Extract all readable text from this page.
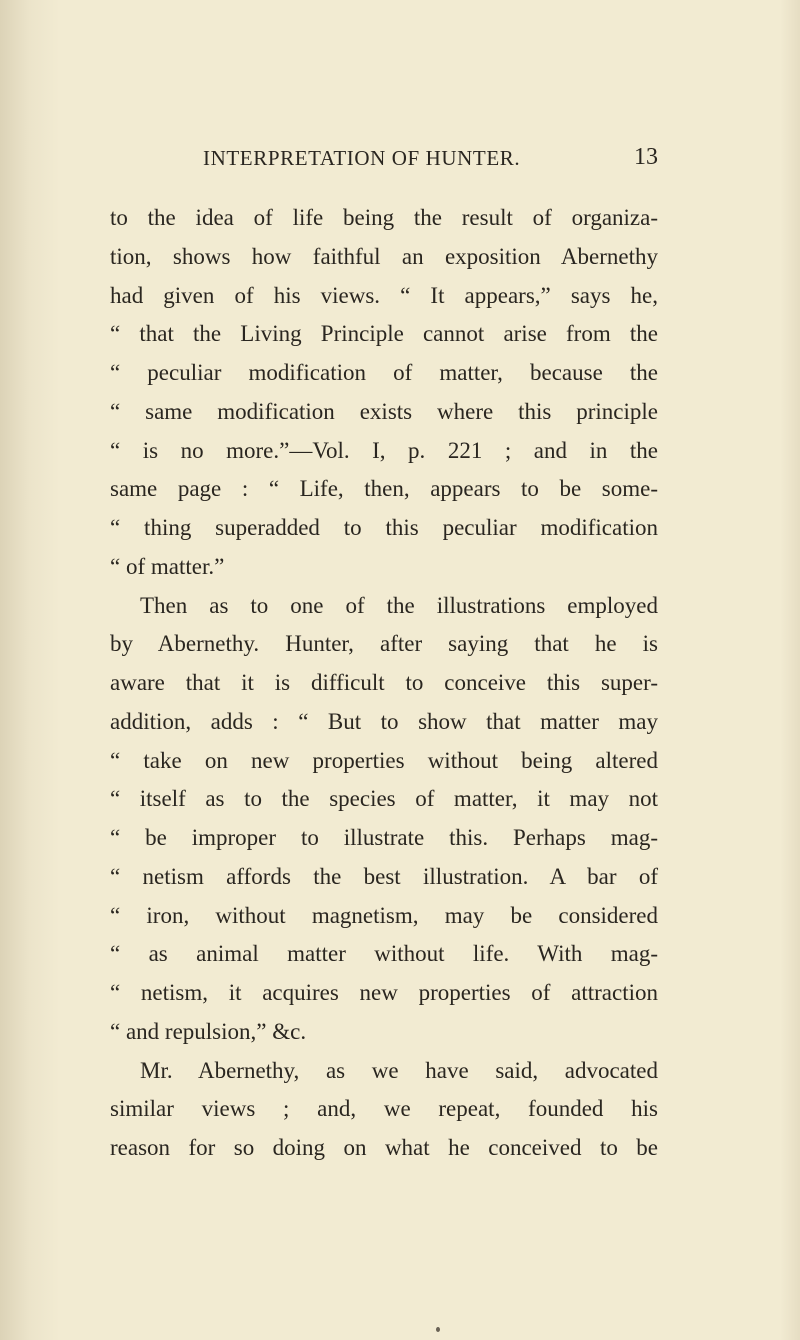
INTERPRETATION OF HUNTER.	13
to the idea of life being the result of organiza-
tion, shows how faithful an exposition Abernethy
had given of his views. “ It appears,” says he,
“ that the Living Principle cannot arise from the
“ peculiar modification of matter, because the
“ same modification exists where this principle
“ is no more.”—Vol. I, p. 221 ; and in the
same page : “ Life, then, appears to be some-
“ thing superadded to this peculiar modification
“ of matter.”
Then as to one of the illustrations employed
by Abernethy. Hunter, after saying that he is
aware that it is difficult to conceive this super-
addition, adds : “ But to show that matter may
“ take on new properties without being altered
“ itself as to the species of matter, it may not
“ be improper to illustrate this. Perhaps mag-
“ netism affords the best illustration. A bar of
“ iron, without magnetism, may be considered
“ as animal matter without life. With mag-
“ netism, it acquires new properties of attraction
“ and repulsion,” &c.
Mr. Abernethy, as we have said, advocated
similar views ; and, we repeat, founded his
reason for so doing on what he conceived to be
